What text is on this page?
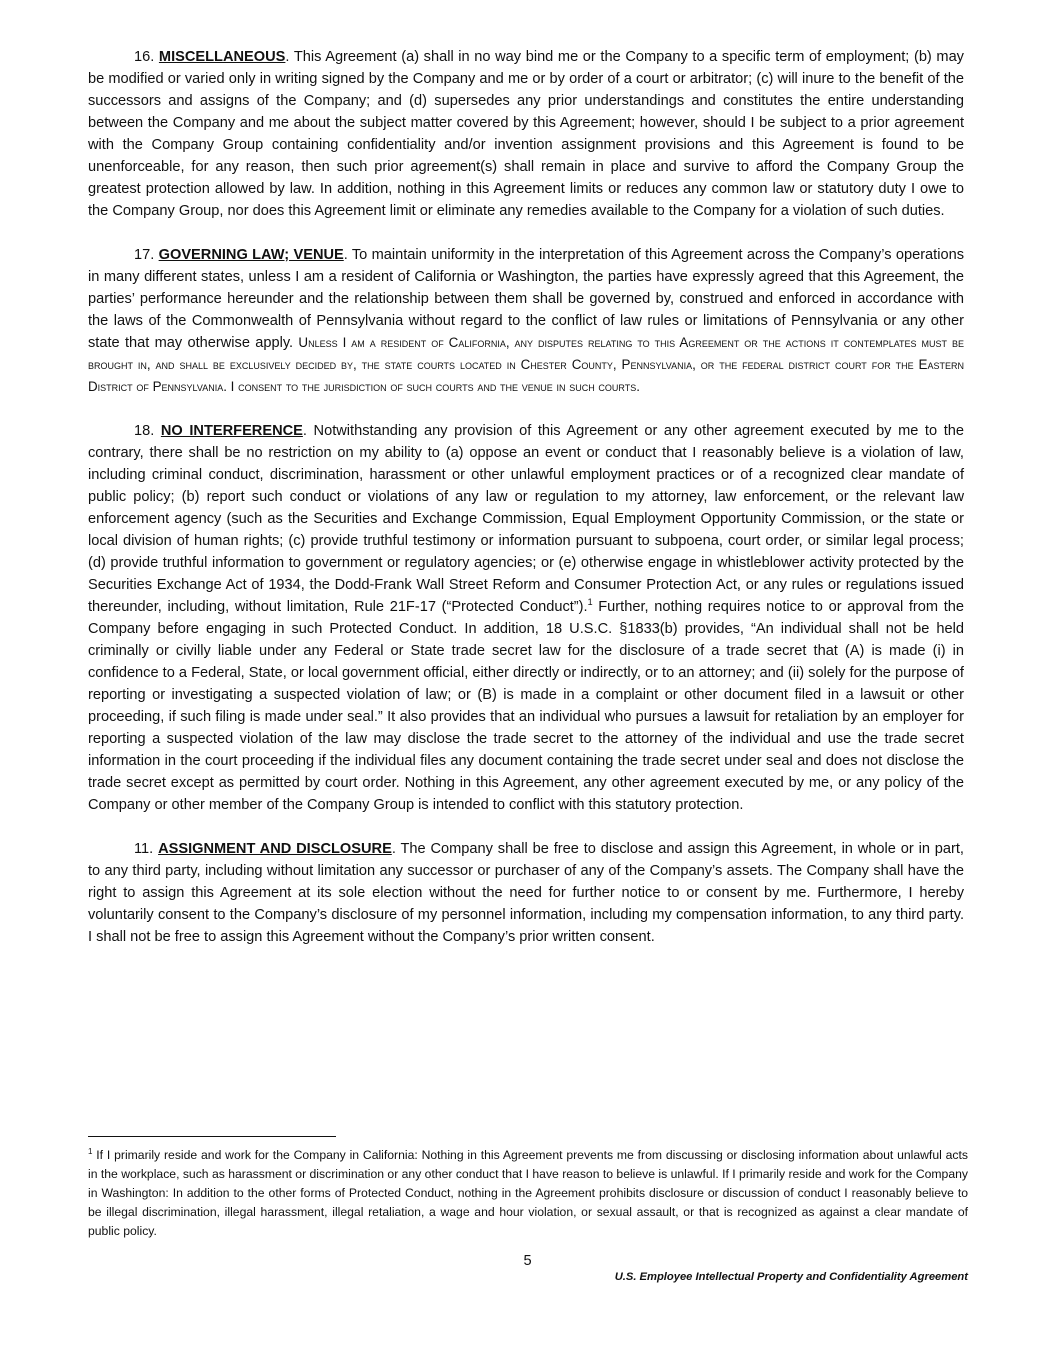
16. MISCELLANEOUS. This Agreement (a) shall in no way bind me or the Company to a specific term of employment; (b) may be modified or varied only in writing signed by the Company and me or by order of a court or arbitrator; (c) will inure to the benefit of the successors and assigns of the Company; and (d) supersedes any prior understandings and constitutes the entire understanding between the Company and me about the subject matter covered by this Agreement; however, should I be subject to a prior agreement with the Company Group containing confidentiality and/or invention assignment provisions and this Agreement is found to be unenforceable, for any reason, then such prior agreement(s) shall remain in place and survive to afford the Company Group the greatest protection allowed by law. In addition, nothing in this Agreement limits or reduces any common law or statutory duty I owe to the Company Group, nor does this Agreement limit or eliminate any remedies available to the Company for a violation of such duties.

17. GOVERNING LAW; VENUE. To maintain uniformity in the interpretation of this Agreement across the Company’s operations in many different states, unless I am a resident of California or Washington, the parties have expressly agreed that this Agreement, the parties’ performance hereunder and the relationship between them shall be governed by, construed and enforced in accordance with the laws of the Commonwealth of Pennsylvania without regard to the conflict of law rules or limitations of Pennsylvania or any other state that may otherwise apply. Unless I am a resident of California, any disputes relating to this Agreement or the actions it contemplates must be brought in, and shall be exclusively decided by, the state courts located in Chester County, Pennsylvania, or the federal district court for the Eastern District of Pennsylvania. I consent to the jurisdiction of such courts and the venue in such courts.

18. NO INTERFERENCE. Notwithstanding any provision of this Agreement or any other agreement executed by me to the contrary, there shall be no restriction on my ability to (a) oppose an event or conduct that I reasonably believe is a violation of law, including criminal conduct, discrimination, harassment or other unlawful employment practices or of a recognized clear mandate of public policy; (b) report such conduct or violations of any law or regulation to my attorney, law enforcement, or the relevant law enforcement agency (such as the Securities and Exchange Commission, Equal Employment Opportunity Commission, or the state or local division of human rights; (c) provide truthful testimony or information pursuant to subpoena, court order, or similar legal process; (d) provide truthful information to government or regulatory agencies; or (e) otherwise engage in whistleblower activity protected by the Securities Exchange Act of 1934, the Dodd-Frank Wall Street Reform and Consumer Protection Act, or any rules or regulations issued thereunder, including, without limitation, Rule 21F-17 (“Protected Conduct”).$^1$ Further, nothing requires notice to or approval from the Company before engaging in such Protected Conduct. In addition, 18 U.S.C. §1833(b) provides, “An individual shall not be held criminally or civilly liable under any Federal or State trade secret law for the disclosure of a trade secret that (A) is made (i) in confidence to a Federal, State, or local government official, either directly or indirectly, or to an attorney; and (ii) solely for the purpose of reporting or investigating a suspected violation of law; or (B) is made in a complaint or other document filed in a lawsuit or other proceeding, if such filing is made under seal.” It also provides that an individual who pursues a lawsuit for retaliation by an employer for reporting a suspected violation of the law may disclose the trade secret to the attorney of the individual and use the trade secret information in the court proceeding if the individual files any document containing the trade secret under seal and does not disclose the trade secret except as permitted by court order. Nothing in this Agreement, any other agreement executed by me, or any policy of the Company or other member of the Company Group is intended to conflict with this statutory protection.

11. ASSIGNMENT AND DISCLOSURE. The Company shall be free to disclose and assign this Agreement, in whole or in part, to any third party, including without limitation any successor or purchaser of any of the Company’s assets. The Company shall have the right to assign this Agreement at its sole election without the need for further notice to or consent by me. Furthermore, I hereby voluntarily consent to the Company’s disclosure of my personnel information, including my compensation information, to any third party. I shall not be free to assign this Agreement without the Company’s prior written consent.

$^1$ If I primarily reside and work for the Company in California: Nothing in this Agreement prevents me from discussing or disclosing information about unlawful acts in the workplace, such as harassment or discrimination or any other conduct that I have reason to believe is unlawful. If I primarily reside and work for the Company in Washington: In addition to the other forms of Protected Conduct, nothing in the Agreement prohibits disclosure or discussion of conduct I reasonably believe to be illegal discrimination, illegal harassment, illegal retaliation, a wage and hour violation, or sexual assault, or that is recognized as against a clear mandate of public policy.
5
U.S. Employee Intellectual Property and Confidentiality Agreement
